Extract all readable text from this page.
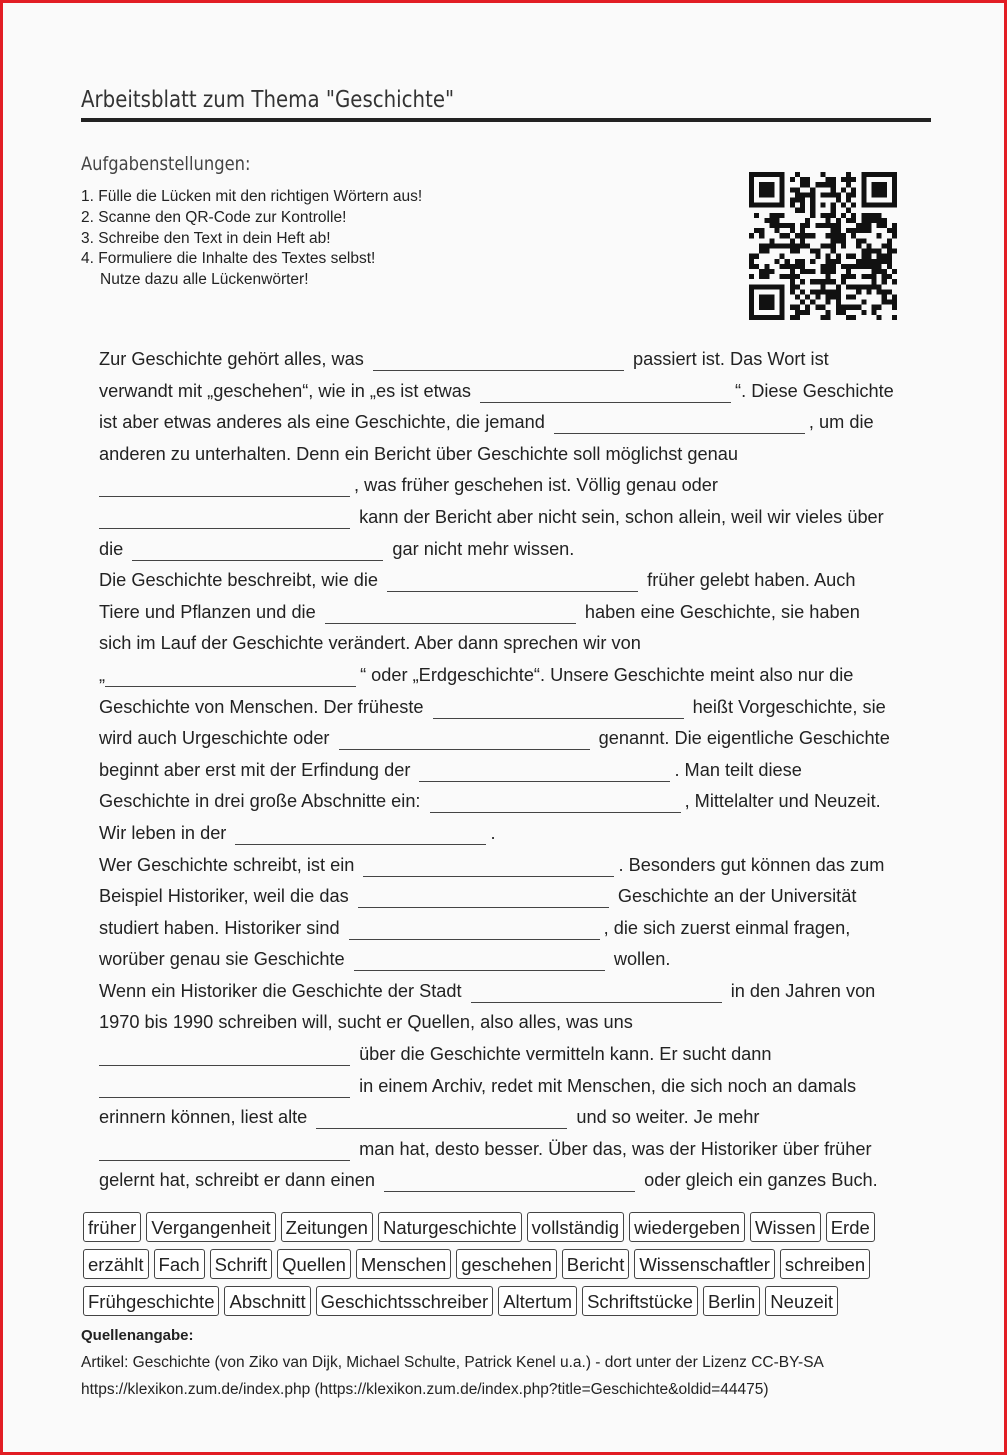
Arbeitsblatt zum Thema "Geschichte"
Aufgabenstellungen:
1. Fülle die Lücken mit den richtigen Wörtern aus!
2. Scanne den QR-Code zur Kontrolle!
3. Schreibe den Text in dein Heft ab!
4. Formuliere die Inhalte des Textes selbst!
Nutze dazu alle Lückenwörter!
Zur Geschichte gehört alles, was	passiert ist. Das Wort ist
verwandt mit „geschehen“, wie in „es ist etwas	“. Diese Geschichte
ist aber etwas anderes als eine Geschichte, die jemand	, um die
anderen zu unterhalten. Denn ein Bericht über Geschichte soll möglichst genau
, was früher geschehen ist. Völlig genau oder
kann der Bericht aber nicht sein, schon allein, weil wir vieles über
die	gar nicht mehr wissen.
Die Geschichte beschreibt, wie die	früher gelebt haben. Auch
Tiere und Pflanzen und die	haben eine Geschichte, sie haben
sich im Lauf der Geschichte verändert. Aber dann sprechen wir von
„	“ oder „Erdgeschichte“. Unsere Geschichte meint also nur die
Geschichte von Menschen. Der früheste	heißt Vorgeschichte, sie
wird auch Urgeschichte oder	genannt. Die eigentliche Geschichte
beginnt aber erst mit der Erfindung der	. Man teilt diese
Geschichte in drei große Abschnitte ein:	, Mittelalter und Neuzeit.
Wir leben in der	.
Wer Geschichte schreibt, ist ein	. Besonders gut können das zum
Beispiel Historiker, weil die das	Geschichte an der Universität
studiert haben. Historiker sind	, die sich zuerst einmal fragen,
worüber genau sie Geschichte	wollen.
Wenn ein Historiker die Geschichte der Stadt	in den Jahren von
1970 bis 1990 schreiben will, sucht er Quellen, also alles, was uns
über die Geschichte vermitteln kann. Er sucht dann
in einem Archiv, redet mit Menschen, die sich noch an damals
erinnern können, liest alte	und so weiter. Je mehr
man hat, desto besser. Über das, was der Historiker über früher
gelernt hat, schreibt er dann einen	oder gleich ein ganzes Buch.
früher Vergangenheit Zeitungen Naturgeschichte vollständig wiedergeben Wissen Erde
erzählt Fach Schrift Quellen Menschen geschehen Bericht Wissenschaftler schreiben
Frühgeschichte Abschnitt Geschichtsschreiber Altertum Schriftstücke Berlin Neuzeit
Quellenangabe:
Artikel: Geschichte (von Ziko van Dijk, Michael Schulte, Patrick Kenel u.a.) - dort unter der Lizenz CC-BY-SA
https://klexikon.zum.de/index.php (https://klexikon.zum.de/index.php?title=Geschichte&oldid=44475)
